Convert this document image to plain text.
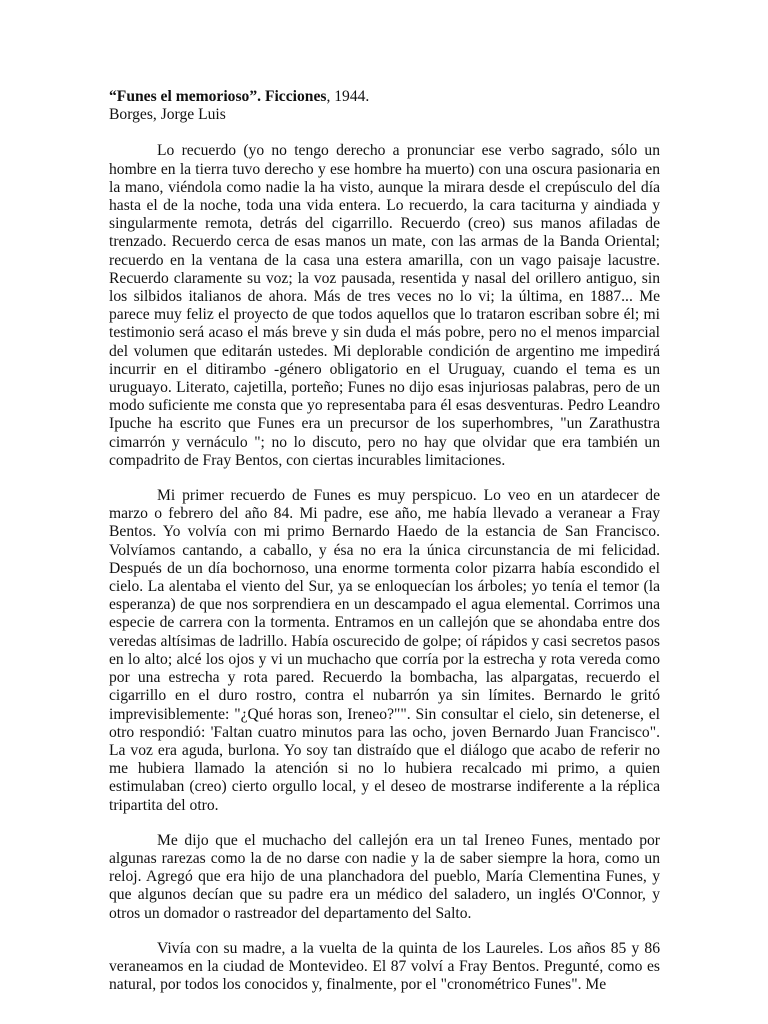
“Funes el memorioso”. Ficciones, 1944.
Borges, Jorge Luis

Lo recuerdo (yo no tengo derecho a pronunciar ese verbo sagrado, sólo un hombre en la tierra tuvo derecho y ese hombre ha muerto) con una oscura pasionaria en la mano, viéndola como nadie la ha visto, aunque la mirara desde el crepúsculo del día hasta el de la noche, toda una vida entera. Lo recuerdo, la cara taciturna y aindiada y singularmente remota, detrás del cigarrillo. Recuerdo (creo) sus manos afiladas de trenzado. Recuerdo cerca de esas manos un mate, con las armas de la Banda Oriental; recuerdo en la ventana de la casa una estera amarilla, con un vago paisaje lacustre. Recuerdo claramente su voz; la voz pausada, resentida y nasal del orillero antiguo, sin los silbidos italianos de ahora. Más de tres veces no lo vi; la última, en 1887... Me parece muy feliz el proyecto de que todos aquellos que lo trataron escriban sobre él; mi testimonio será acaso el más breve y sin duda el más pobre, pero no el menos imparcial del volumen que editarán ustedes. Mi deplorable condición de argentino me impedirá incurrir en el ditirambo -género obligatorio en el Uruguay, cuando el tema es un uruguayo. Literato, cajetilla, porteño; Funes no dijo esas injuriosas palabras, pero de un modo suficiente me consta que yo representaba para él esas desventuras. Pedro Leandro Ipuche ha escrito que Funes era un precursor de los superhombres, "un Zarathustra cimarrón y vernáculo "; no lo discuto, pero no hay que olvidar que era también un compadrito de Fray Bentos, con ciertas incurables limitaciones.

Mi primer recuerdo de Funes es muy perspicuo. Lo veo en un atardecer de marzo o febrero del año 84. Mi padre, ese año, me había llevado a veranear a Fray Bentos. Yo volvía con mi primo Bernardo Haedo de la estancia de San Francisco. Volvíamos cantando, a caballo, y ésa no era la única circunstancia de mi felicidad. Después de un día bochornoso, una enorme tormenta color pizarra había escondido el cielo. La alentaba el viento del Sur, ya se enloquecían los árboles; yo tenía el temor (la esperanza) de que nos sorprendiera en un descampado el agua elemental. Corrimos una especie de carrera con la tormenta. Entramos en un callejón que se ahondaba entre dos veredas altísimas de ladrillo. Había oscurecido de golpe; oí rápidos y casi secretos pasos en lo alto; alcé los ojos y vi un muchacho que corría por la estrecha y rota vereda como por una estrecha y rota pared. Recuerdo la bombacha, las alpargatas, recuerdo el cigarrillo en el duro rostro, contra el nubarrón ya sin límites. Bernardo le gritó imprevisiblemente: "¿Qué horas son, Ireneo?"". Sin consultar el cielo, sin detenerse, el otro respondió: 'Faltan cuatro minutos para las ocho, joven Bernardo Juan Francisco". La voz era aguda, burlona. Yo soy tan distraído que el diálogo que acabo de referir no me hubiera llamado la atención si no lo hubiera recalcado mi primo, a quien estimulaban (creo) cierto orgullo local, y el deseo de mostrarse indiferente a la réplica tripartita del otro.

Me dijo que el muchacho del callejón era un tal Ireneo Funes, mentado por algunas rarezas como la de no darse con nadie y la de saber siempre la hora, como un reloj. Agregó que era hijo de una planchadora del pueblo, María Clementina Funes, y que algunos decían que su padre era un médico del saladero, un inglés O'Connor, y otros un domador o rastreador del departamento del Salto.

Vivía con su madre, a la vuelta de la quinta de los Laureles. Los años 85 y 86 veraneamos en la ciudad de Montevideo. El 87 volví a Fray Bentos. Pregunté, como es natural, por todos los conocidos y, finalmente, por el "cronométrico Funes". Me
